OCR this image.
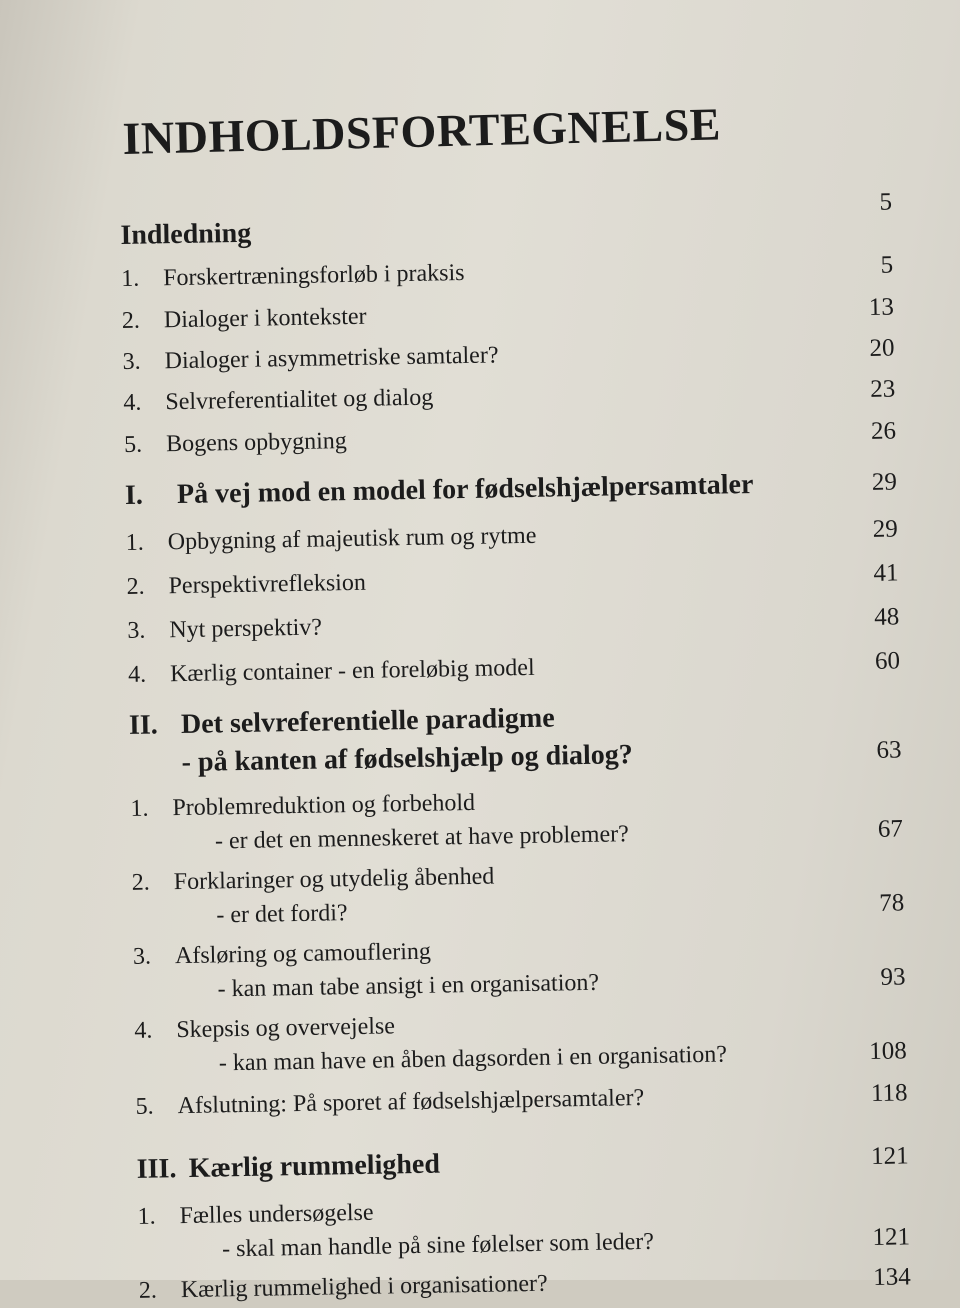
INDHOLDSFORTEGNELSE
Indledning
5
1. Forskertræningsforløb i praksis	5
2. Dialoger i kontekster	13
3. Dialoger i asymmetriske samtaler?	20
4. Selvreferentialitet og dialog	23
5. Bogens opbygning	26
I. På vej mod en model for fødselshjælpersamtaler	29
1. Opbygning af majeutisk rum og rytme	29
2. Perspektivrefleksion	41
3. Nyt perspektiv?	48
4. Kærlig container - en foreløbig model	60
II. Det selvreferentielle paradigme
- på kanten af fødselshjælp og dialog?	63
1. Problemreduktion og forbehold
- er det en menneskeret at have problemer?	67
2. Forklaringer og utydelig åbenhed
- er det fordi?	78
3. Afsløring og camouflering
- kan man tabe ansigt i en organisation?	93
4. Skepsis og overvejelse
- kan man have en åben dagsorden i en organisation?	108
5. Afslutning: På sporet af fødselshjælpersamtaler?	118
III. Kærlig rummelighed	121
1. Fælles undersøgelse
- skal man handle på sine følelser som leder?	121
2. Kærlig rummelighed i organisationer?	134
